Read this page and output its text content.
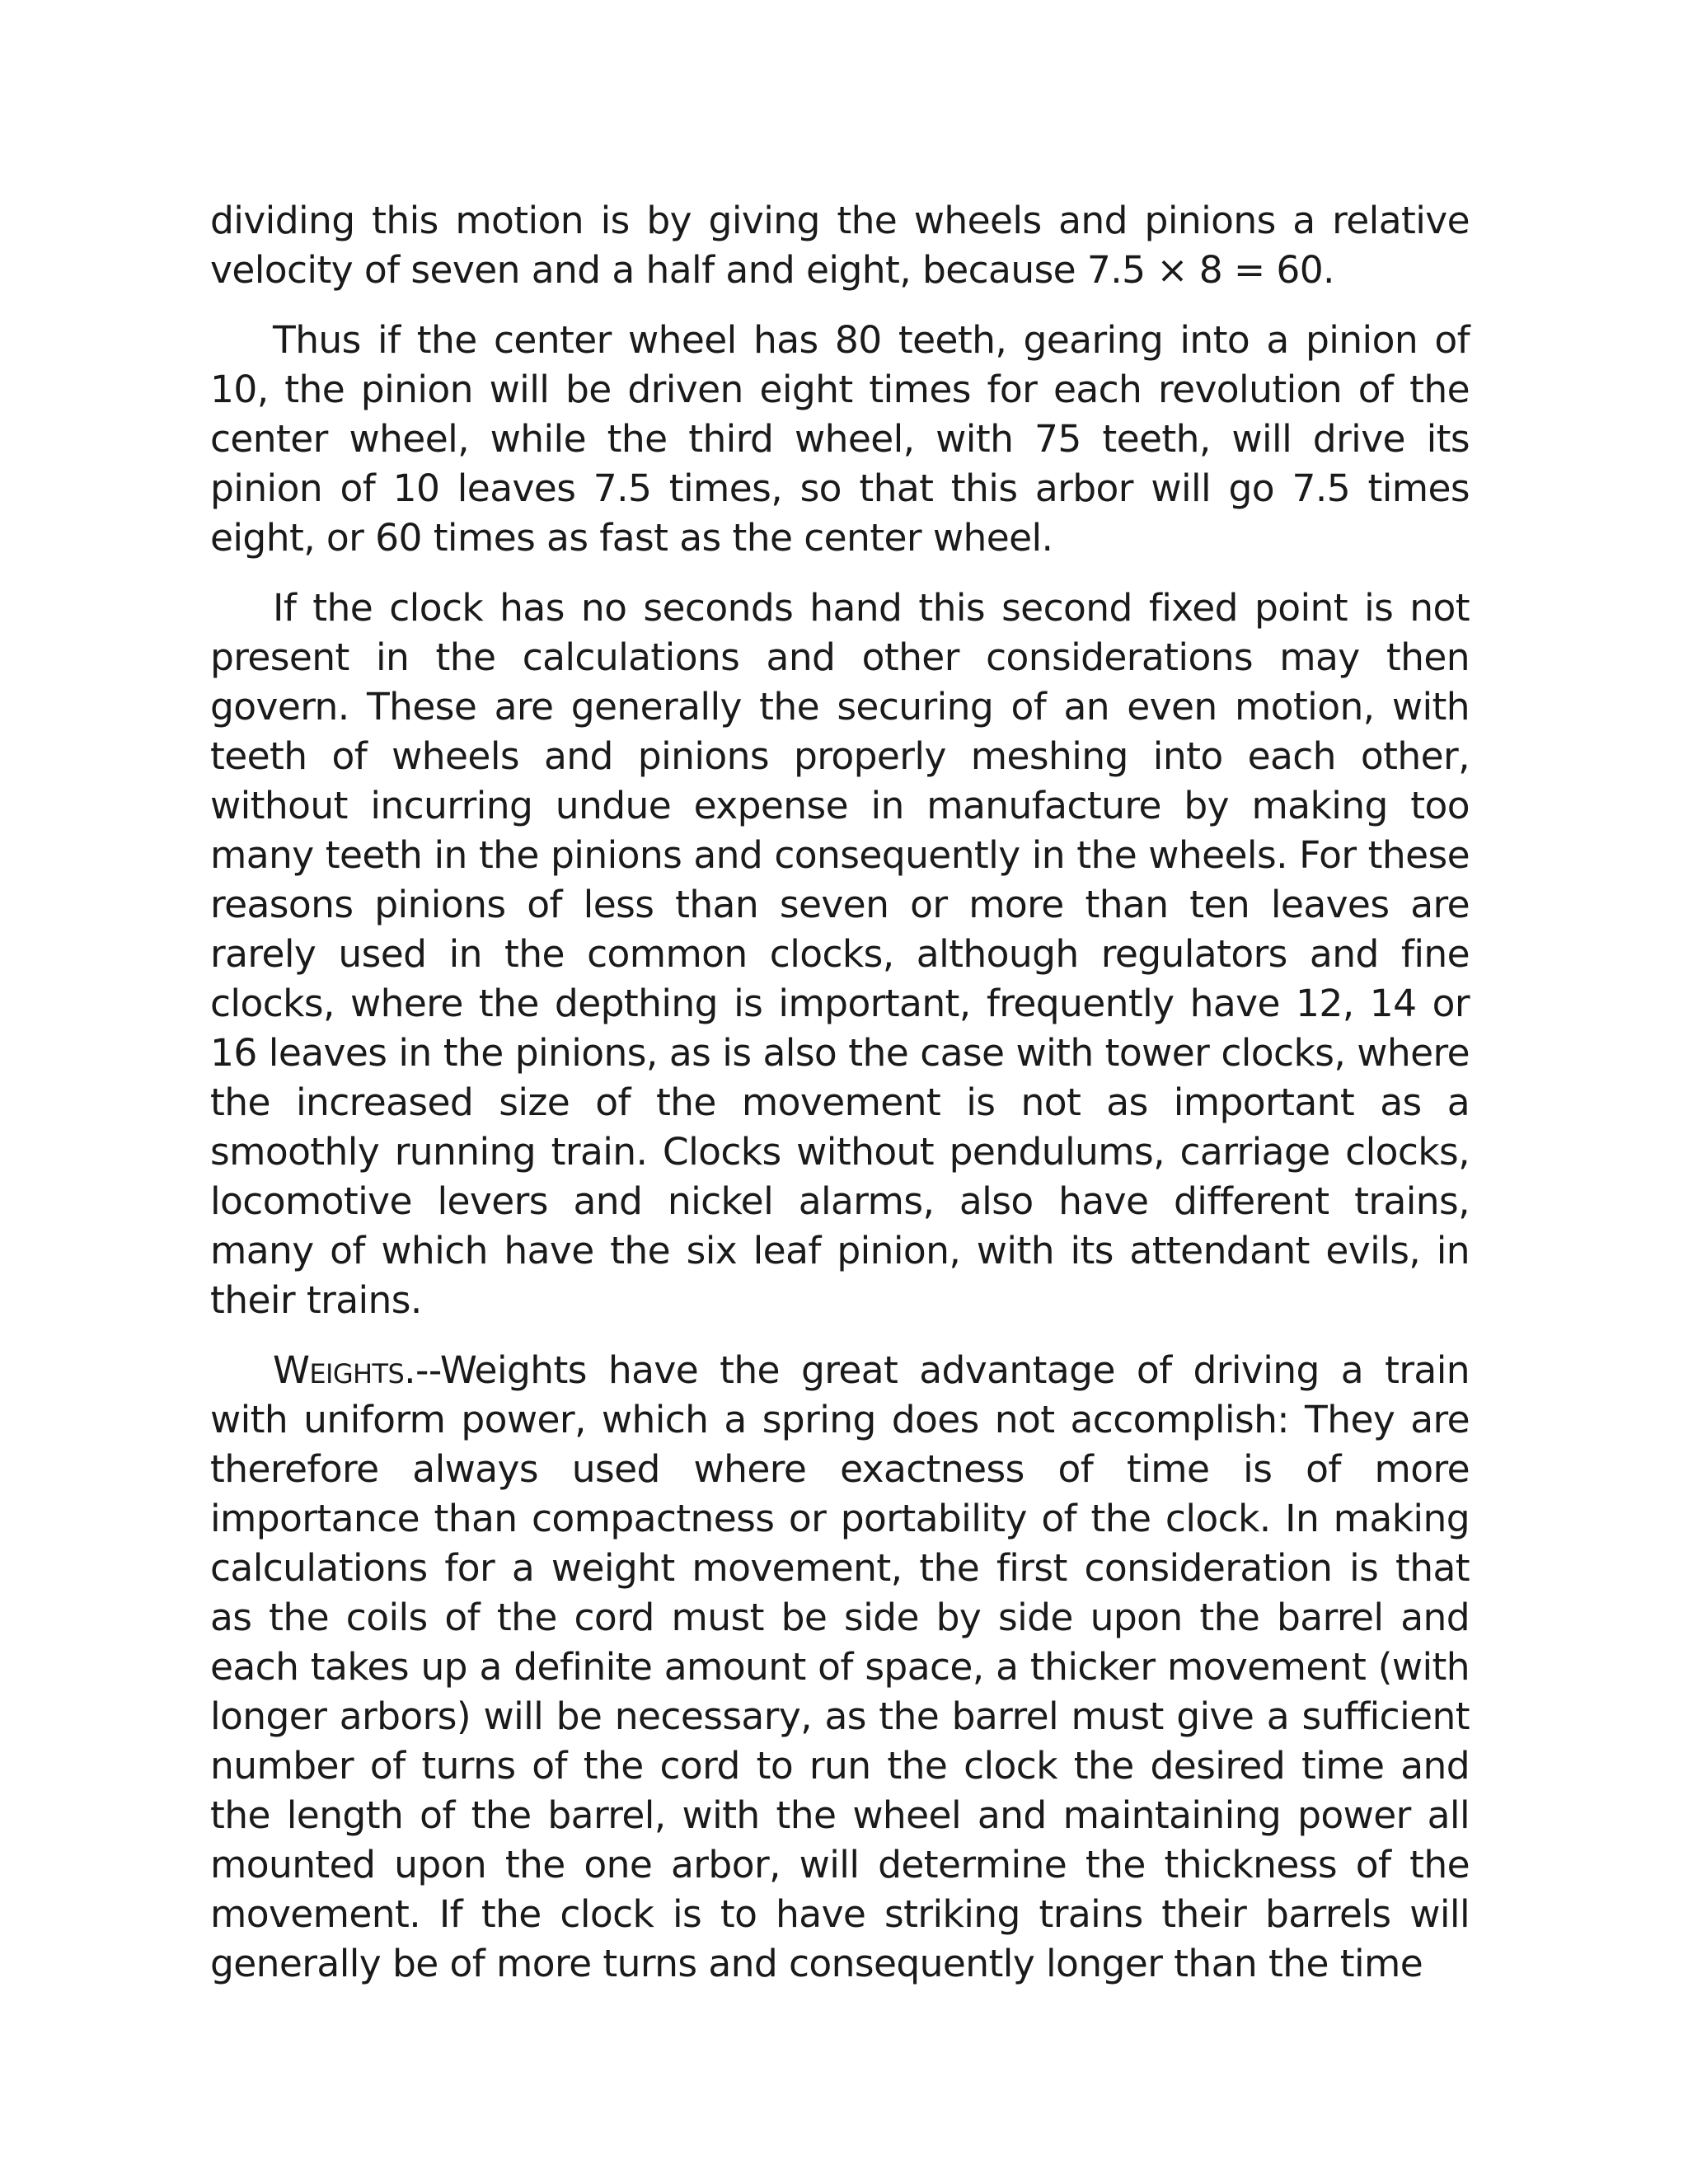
dividing this motion is by giving the wheels and pinions a relative velocity of seven and a half and eight, because 7.5 × 8 = 60.

Thus if the center wheel has 80 teeth, gearing into a pinion of 10, the pinion will be driven eight times for each revolution of the center wheel, while the third wheel, with 75 teeth, will drive its pinion of 10 leaves 7.5 times, so that this arbor will go 7.5 times eight, or 60 times as fast as the center wheel.

If the clock has no seconds hand this second fixed point is not present in the calculations and other considerations may then govern. These are generally the securing of an even motion, with teeth of wheels and pinions properly meshing into each other, without incurring undue expense in manufacture by making too many teeth in the pinions and consequently in the wheels. For these reasons pinions of less than seven or more than ten leaves are rarely used in the common clocks, although regulators and fine clocks, where the depthing is important, frequently have 12, 14 or 16 leaves in the pinions, as is also the case with tower clocks, where the increased size of the movement is not as important as a smoothly running train. Clocks without pendulums, carriage clocks, locomotive levers and nickel alarms, also have different trains, many of which have the six leaf pinion, with its attendant evils, in their trains.

Weights.--Weights have the great advantage of driving a train with uniform power, which a spring does not accomplish: They are therefore always used where exactness of time is of more importance than compactness or portability of the clock. In making calculations for a weight movement, the first consideration is that as the coils of the cord must be side by side upon the barrel and each takes up a definite amount of space, a thicker movement (with longer arbors) will be necessary, as the barrel must give a sufficient number of turns of the cord to run the clock the desired time and the length of the barrel, with the wheel and maintaining power all mounted upon the one arbor, will determine the thickness of the movement. If the clock is to have striking trains their barrels will generally be of more turns and consequently longer than the time
